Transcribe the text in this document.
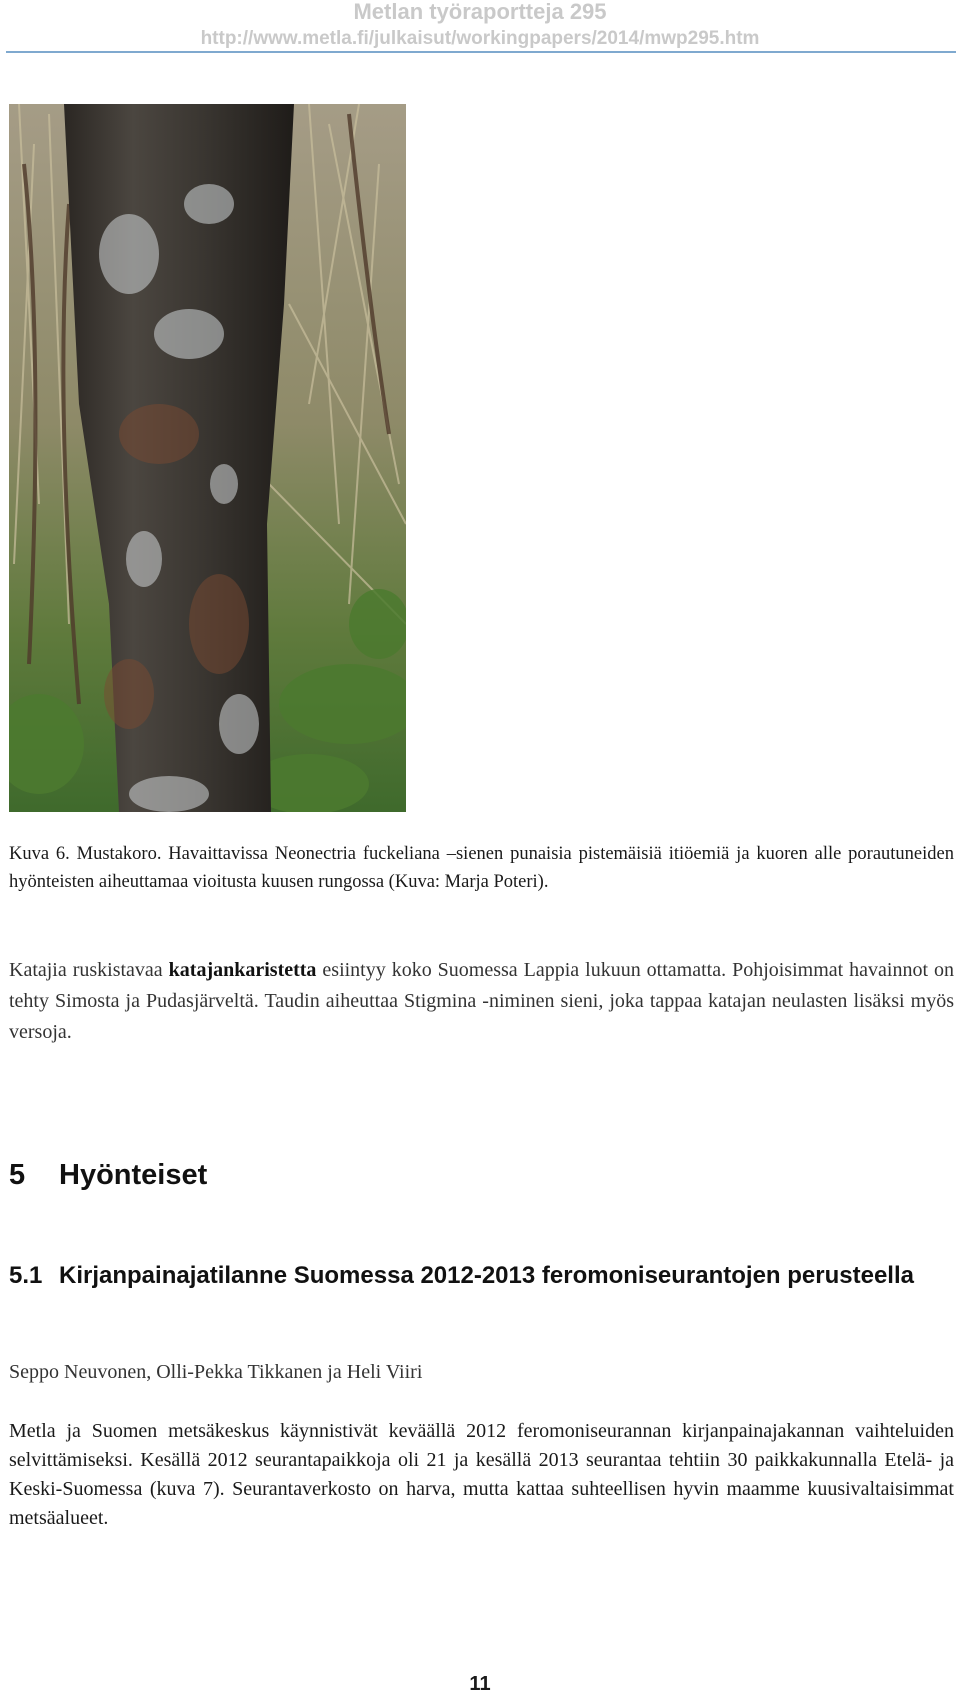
Metlan työraportteja 295
http://www.metla.fi/julkaisut/workingpapers/2014/mwp295.htm
Kuva 6. Mustakoro. Havaittavissa Neonectria fuckeliana –sienen punaisia pistemäisiä itiöemiä ja kuoren alle porautuneiden hyönteisten aiheuttamaa vioitusta kuusen rungossa (Kuva: Marja Poteri).
Katajia ruskistavaa katajankaristetta esiintyy koko Suomessa Lappia lukuun ottamatta. Pohjoisimmat havainnot on tehty Simosta ja Pudasjärveltä. Taudin aiheuttaa Stigmina -niminen sieni, joka tappaa katajan neulasten lisäksi myös versoja.
5 Hyönteiset
5.1 Kirjanpainajatilanne Suomessa 2012-2013 feromoniseurantojen perusteella
Seppo Neuvonen, Olli-Pekka Tikkanen ja Heli Viiri
Metla ja Suomen metsäkeskus käynnistivät keväällä 2012 feromoniseurannan kirjanpainajakannan vaihteluiden selvittämiseksi. Kesällä 2012 seurantapaikkoja oli 21 ja kesällä 2013 seurantaa tehtiin 30 paikkakunnalla Etelä- ja Keski-Suomessa (kuva 7). Seurantaverkosto on harva, mutta kattaa suhteellisen hyvin maamme kuusivaltaisimmat metsäalueet.
11
